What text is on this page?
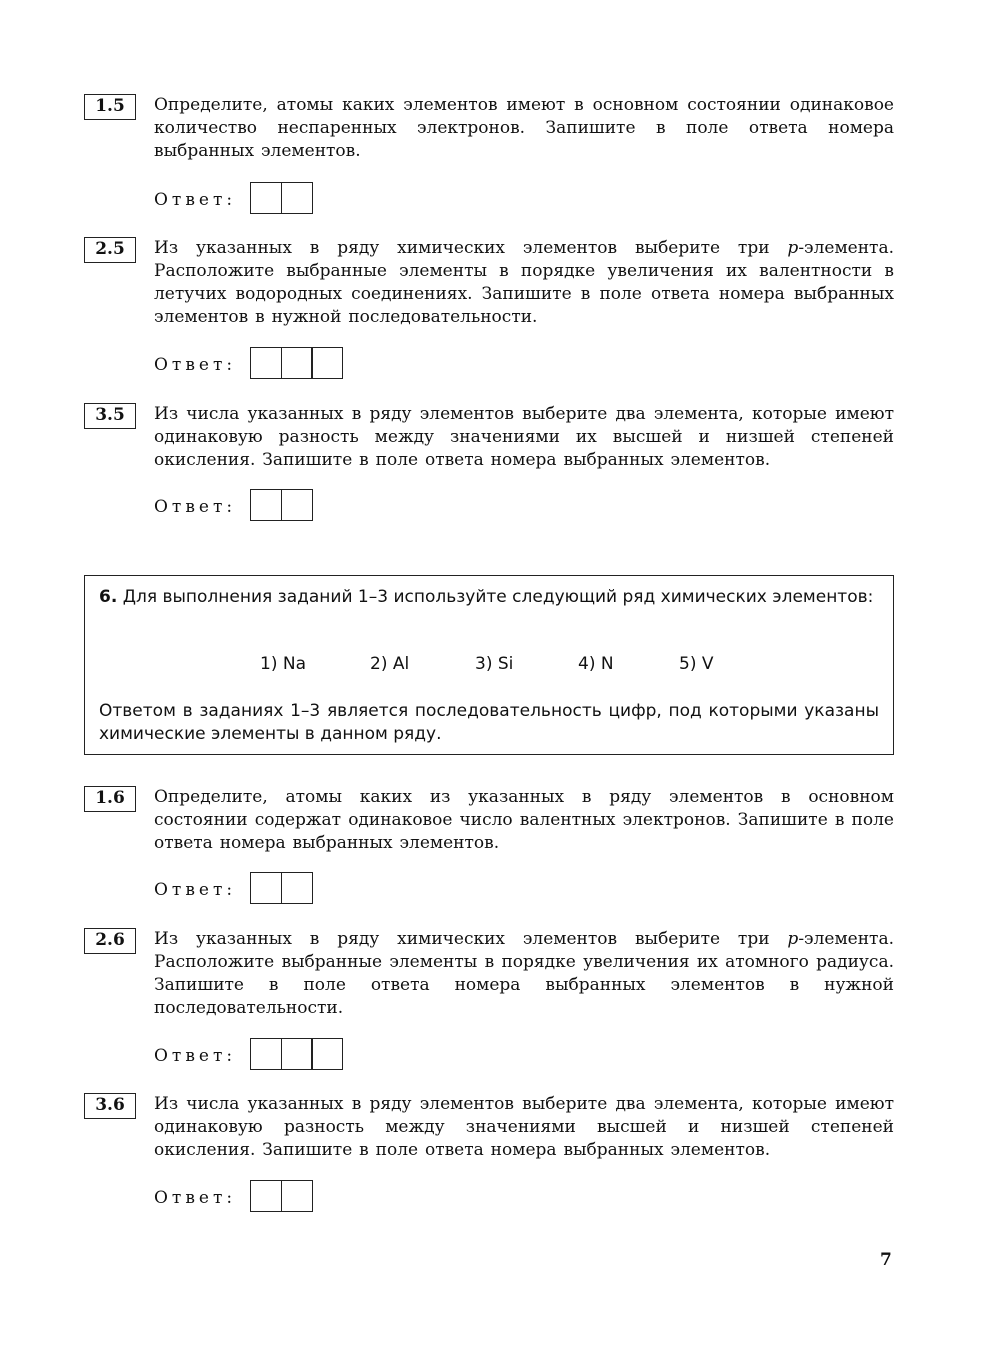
1.5	Определите, атомы каких элементов имеют в основном состоянии одинаковое количество неспаренных электронов. Запишите в поле ответа номера выбранных элементов.
Ответ:
2.5	Из указанных в ряду химических элементов выберите три p-элемента. Расположите выбранные элементы в порядке увеличения их валентности в летучих водородных соединениях. Запишите в поле ответа номера выбранных элементов в нужной последовательности.
Ответ:
3.5	Из числа указанных в ряду элементов выберите два элемента, которые имеют одинаковую разность между значениями их высшей и низшей степеней окисления. Запишите в поле ответа номера выбранных элементов.
Ответ:
6. Для выполнения заданий 1–3 используйте следующий ряд химических элементов:
1) Na	2) Al	3) Si	4) N	5) V
Ответом в заданиях 1–3 является последовательность цифр, под которыми указаны химические элементы в данном ряду.
1.6	Определите, атомы каких из указанных в ряду элементов в основном состоянии содержат одинаковое число валентных электронов. Запишите в поле ответа номера выбранных элементов.
Ответ:
2.6	Из указанных в ряду химических элементов выберите три p-элемента. Расположите выбранные элементы в порядке увеличения их атомного радиуса. Запишите в поле ответа номера выбранных элементов в нужной последовательности.
Ответ:
3.6	Из числа указанных в ряду элементов выберите два элемента, которые имеют одинаковую разность между значениями высшей и низшей степеней окисления. Запишите в поле ответа номера выбранных элементов.
Ответ:
7
